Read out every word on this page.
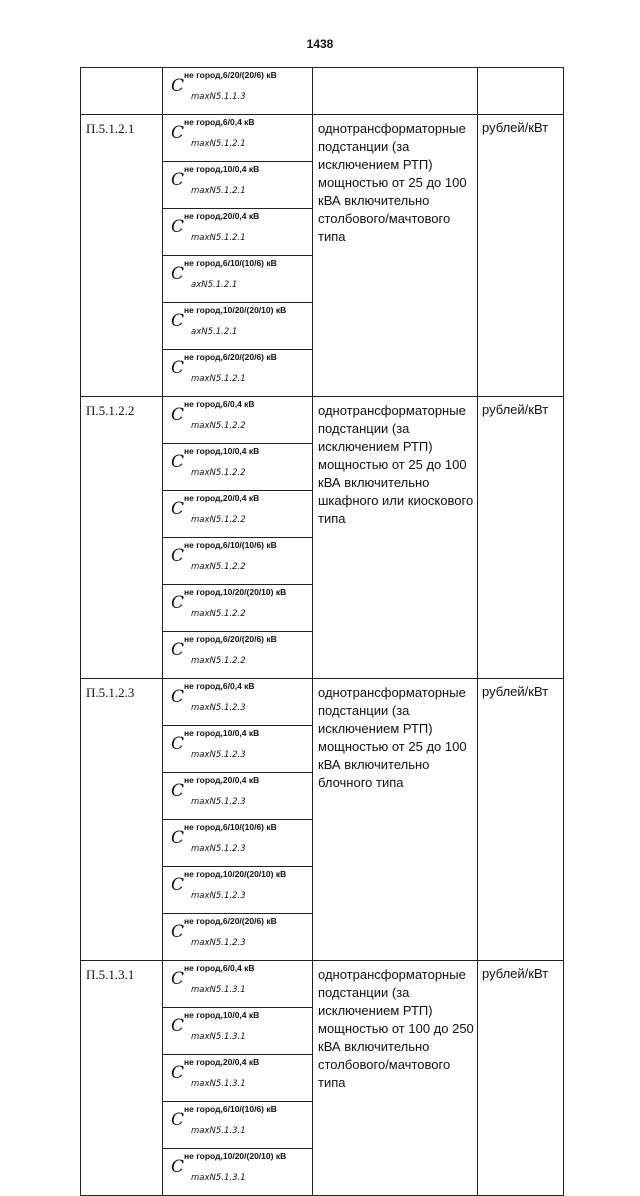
1438
	$C^{не город,6/20/(20/6) кВ}$
maxN5.1.1.3		
П.5.1.2.1	$C^{не город,6/0,4 кВ}$
maxN5.1.2.1	однотрансформаторные подстанции (за исключением РТП) мощностью от 25 до 100 кВА включительно столбового/мачтового типа	рублей/кВт
	$C^{не город,10/0,4 кВ}$
maxN5.1.2.1		
	$C^{не город,20/0,4 кВ}$
maxN5.1.2.1		
	$C^{не город,6/10/(10/6) кВ}$
axN5.1.2.1		
	$C^{не город,10/20/(20/10) кВ}$
axN5.1.2.1		
	$C^{не город,6/20/(20/6) кВ}$
maxN5.1.2.1		
П.5.1.2.2	$C^{не город,6/0,4 кВ}$
maxN5.1.2.2	однотрансформаторные подстанции (за исключением РТП) мощностью от 25 до 100 кВА включительно шкафного или киоскового типа	рублей/кВт
	$C^{не город,10/0,4 кВ}$
maxN5.1.2.2		
	$C^{не город,20/0,4 кВ}$
maxN5.1.2.2		
	$C^{не город,6/10/(10/6) кВ}$
maxN5.1.2.2		
	$C^{не город,10/20/(20/10) кВ}$
maxN5.1.2.2		
	$C^{не город,6/20/(20/6) кВ}$
maxN5.1.2.2		
П.5.1.2.3	$C^{не город,6/0,4 кВ}$
maxN5.1.2.3	однотрансформаторные подстанции (за исключением РТП) мощностью от 25 до 100 кВА включительно блочного типа	рублей/кВт
	$C^{не город,10/0,4 кВ}$
maxN5.1.2.3		
	$C^{не город,20/0,4 кВ}$
maxN5.1.2.3		
	$C^{не город,6/10/(10/6) кВ}$
maxN5.1.2.3		
	$C^{не город,10/20/(20/10) кВ}$
maxN5.1.2.3		
	$C^{не город,6/20/(20/6) кВ}$
maxN5.1.2.3		
П.5.1.3.1	$C^{не город,6/0,4 кВ}$
maxN5.1.3.1	однотрансформаторные подстанции (за исключением РТП) мощностью от 100 до 250 кВА включительно столбового/мачтового типа	рублей/кВт
	$C^{не город,10/0,4 кВ}$
maxN5.1.3.1		
	$C^{не город,20/0,4 кВ}$
maxN5.1.3.1		
	$C^{не город,6/10/(10/6) кВ}$
maxN5.1.3.1		
	$C^{не город,10/20/(20/10) кВ}$
maxN5.1.3.1		
